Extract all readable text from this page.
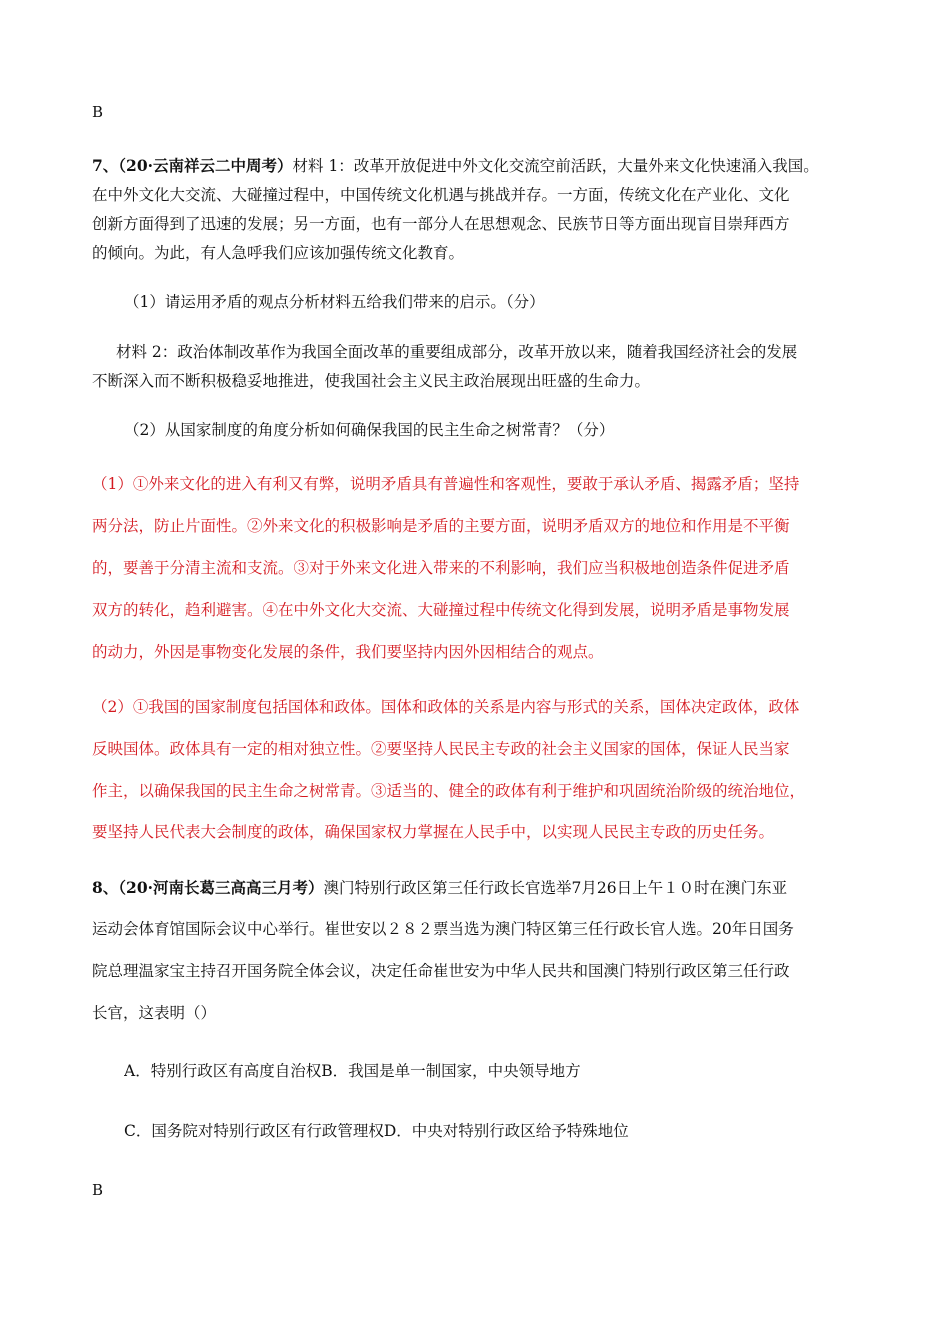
B
7、（20·云南祥云二中周考）材料 1：改革开放促进中外文化交流空前活跃，大量外来文化快速涌入我国。
在中外文化大交流、大碰撞过程中，中国传统文化机遇与挑战并存。一方面，传统文化在产业化、文化
创新方面得到了迅速的发展；另一方面，也有一部分人在思想观念、民族节日等方面出现盲目崇拜西方
的倾向。为此，有人急呼我们应该加强传统文化教育。
（1）请运用矛盾的观点分析材料五给我们带来的启示。（分）
材料 2：政治体制改革作为我国全面改革的重要组成部分，改革开放以来，随着我国经济社会的发展
不断深入而不断积极稳妥地推进，使我国社会主义民主政治展现出旺盛的生命力。
（2）从国家制度的角度分析如何确保我国的民主生命之树常青？（分）
（1）①外来文化的进入有利又有弊，说明矛盾具有普遍性和客观性，要敢于承认矛盾、揭露矛盾；坚持
两分法，防止片面性。②外来文化的积极影响是矛盾的主要方面，说明矛盾双方的地位和作用是不平衡
的，要善于分清主流和支流。③对于外来文化进入带来的不利影响，我们应当积极地创造条件促进矛盾
双方的转化，趋利避害。④在中外文化大交流、大碰撞过程中传统文化得到发展，说明矛盾是事物发展
的动力，外因是事物变化发展的条件，我们要坚持内因外因相结合的观点。
（2）①我国的国家制度包括国体和政体。国体和政体的关系是内容与形式的关系，国体决定政体，政体
反映国体。政体具有一定的相对独立性。②要坚持人民民主专政的社会主义国家的国体，保证人民当家
作主，以确保我国的民主生命之树常青。③适当的、健全的政体有利于维护和巩固统治阶级的统治地位，
要坚持人民代表大会制度的政体，确保国家权力掌握在人民手中，以实现人民民主专政的历史任务。
8、（20·河南长葛三高高三月考）澳门特别行政区第三任行政长官选举7月26日上午１０时在澳门东亚
运动会体育馆国际会议中心举行。崔世安以２８２票当选为澳门特区第三任行政长官人选。20年日国务
院总理温家宝主持召开国务院全体会议，决定任命崔世安为中华人民共和国澳门特别行政区第三任行政
长官，这表明（）
A．特别行政区有高度自治权B．我国是单一制国家，中央领导地方
C．国务院对特别行政区有行政管理权D．中央对特别行政区给予特殊地位
B
